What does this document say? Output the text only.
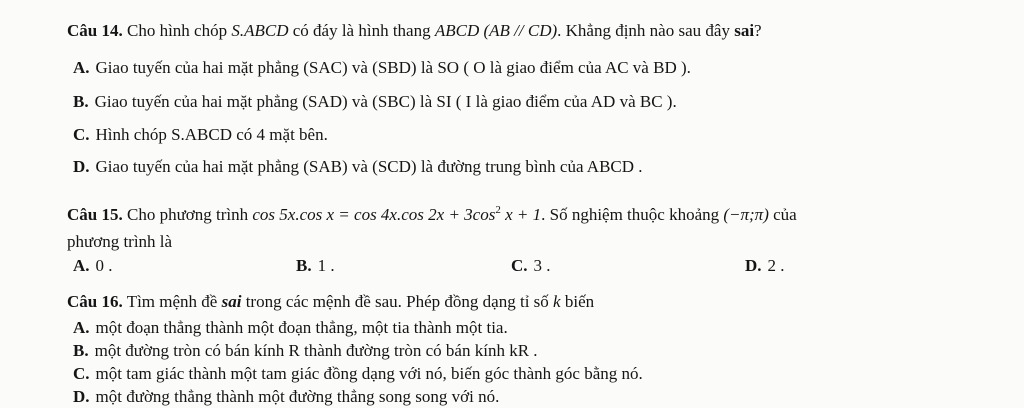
Câu 14. Cho hình chóp S.ABCD có đáy là hình thang ABCD (AB // CD). Khẳng định nào sau đây sai?
A. Giao tuyến của hai mặt phẳng (SAC) và (SBD) là SO ( O là giao điểm của AC và BD ).
B. Giao tuyến của hai mặt phẳng (SAD) và (SBC) là SI ( I là giao điểm của AD và BC ).
C. Hình chóp S.ABCD có 4 mặt bên.
D. Giao tuyến của hai mặt phẳng (SAB) và (SCD) là đường trung bình của ABCD .
Câu 15. Cho phương trình cos 5x.cos x = cos 4x.cos $2x + 3\cos^2$ x + 1. Số nghiệm thuộc khoảng (−π;π) của
phương trình là
A. 0 .	B. 1 .	C. 3 .	D. 2 .
Câu 16. Tìm mệnh đề sai trong các mệnh đề sau. Phép đồng dạng tỉ số k biến
A. một đoạn thẳng thành một đoạn thẳng, một tia thành một tia.
B. một đường tròn có bán kính R thành đường tròn có bán kính kR .
C. một tam giác thành một tam giác đồng dạng với nó, biến góc thành góc bằng nó.
D. một đường thẳng thành một đường thẳng song song với nó.
